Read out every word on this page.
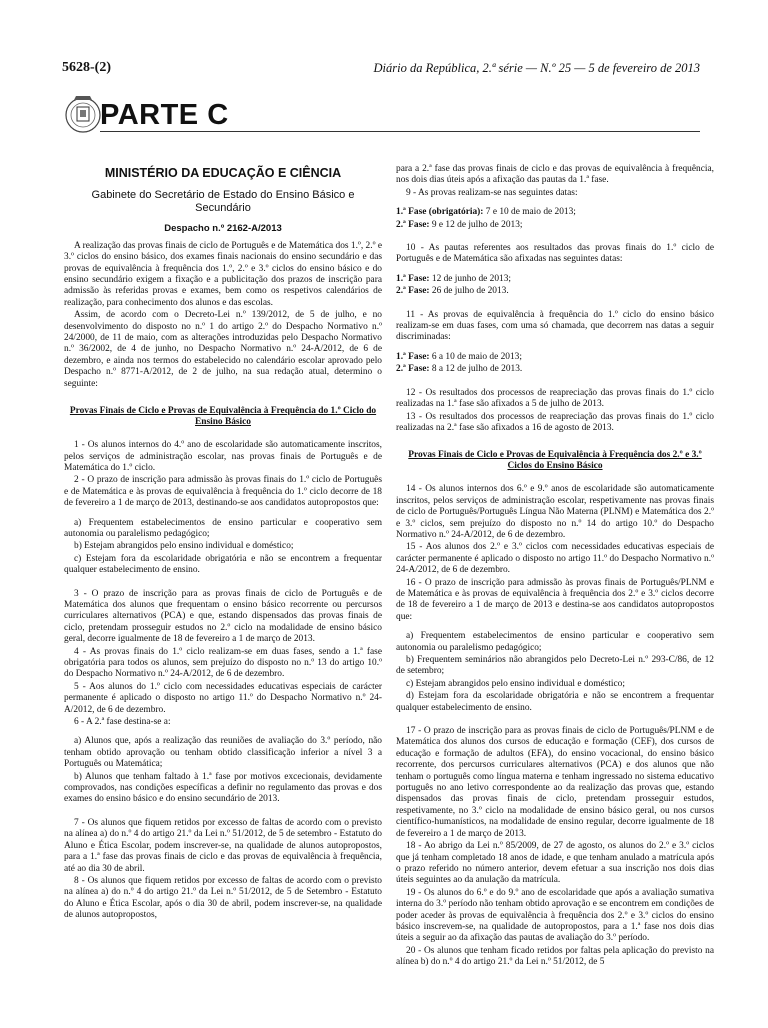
5628-(2)	Diário da República, 2.ª série — N.º 25 — 5 de fevereiro de 2013
PARTE C
MINISTÉRIO DA EDUCAÇÃO E CIÊNCIA
Gabinete do Secretário de Estado do Ensino Básico e Secundário
Despacho n.º 2162-A/2013

A realização das provas finais de ciclo de Português e de Matemática dos 1.º, 2.º e 3.º ciclos do ensino básico, dos exames finais nacionais do ensino secundário e das provas de equivalência à frequência dos 1.º, 2.º e 3.º ciclos do ensino básico e do ensino secundário exigem a fixação e a publicitação dos prazos de inscrição para admissão às referidas provas e exames, bem como os respetivos calendários de realização, para conhecimento dos alunos e das escolas.

Assim, de acordo com o Decreto-Lei n.º 139/2012, de 5 de julho, e no desenvolvimento do disposto no n.º 1 do artigo 2.º do Despacho Normativo n.º 24/2000, de 11 de maio, com as alterações introduzidas pelo Despacho Normativo n.º 36/2002, de 4 de junho, no Despacho Normativo n.º 24-A/2012, de 6 de dezembro, e ainda nos termos do estabelecido no calendário escolar aprovado pelo Despacho n.º 8771-A/2012, de 2 de julho, na sua redação atual, determino o seguinte:

Provas Finais de Ciclo e Provas de Equivalência à Frequência do 1.º Ciclo do Ensino Básico

1 - Os alunos internos do 4.º ano de escolaridade são automaticamente inscritos, pelos serviços de administração escolar, nas provas finais de Português e de Matemática do 1.º ciclo.

2 - O prazo de inscrição para admissão às provas finais do 1.º ciclo de Português e de Matemática e às provas de equivalência à frequência do 1.º ciclo decorre de 18 de fevereiro a 1 de março de 2013, destinando-se aos candidatos autopropostos que:

a) Frequentem estabelecimentos de ensino particular e cooperativo sem autonomia ou paralelismo pedagógico;

b) Estejam abrangidos pelo ensino individual e doméstico;

c) Estejam fora da escolaridade obrigatória e não se encontrem a frequentar qualquer estabelecimento de ensino.

3 - O prazo de inscrição para as provas finais de ciclo de Português e de Matemática dos alunos que frequentam o ensino básico recorrente ou percursos curriculares alternativos (PCA) e que, estando dispensados das provas finais de ciclo, pretendam prosseguir estudos no 2.º ciclo na modalidade de ensino básico geral, decorre igualmente de 18 de fevereiro a 1 de março de 2013.

4 - As provas finais do 1.º ciclo realizam-se em duas fases, sendo a 1.ª fase obrigatória para todos os alunos, sem prejuízo do disposto no n.º 13 do artigo 10.º do Despacho Normativo n.º 24-A/2012, de 6 de dezembro.

5 - Aos alunos do 1.º ciclo com necessidades educativas especiais de carácter permanente é aplicado o disposto no artigo 11.º do Despacho Normativo n.º 24-A/2012, de 6 de dezembro.

6 - A 2.ª fase destina-se a:

a) Alunos que, após a realização das reuniões de avaliação do 3.º período, não tenham obtido aprovação ou tenham obtido classificação inferior a nível 3 a Português ou Matemática;

b) Alunos que tenham faltado à 1.ª fase por motivos excecionais, devidamente comprovados, nas condições específicas a definir no regulamento das provas e dos exames do ensino básico e do ensino secundário de 2013.

7 - Os alunos que fiquem retidos por excesso de faltas de acordo com o previsto na alínea a) do n.º 4 do artigo 21.º da Lei n.º 51/2012, de 5 de setembro - Estatuto do Aluno e Ética Escolar, podem inscrever-se, na qualidade de alunos autopropostos, para a 1.ª fase das provas finais de ciclo e das provas de equivalência à frequência, até ao dia 30 de abril.

8 - Os alunos que fiquem retidos por excesso de faltas de acordo com o previsto na alínea a) do n.º 4 do artigo 21.º da Lei n.º 51/2012, de 5 de Setembro - Estatuto do Aluno e Ética Escolar, após o dia 30 de abril, podem inscrever-se, na qualidade de alunos autopropostos,

para a 2.ª fase das provas finais de ciclo e das provas de equivalência à frequência, nos dois dias úteis após a afixação das pautas da 1.ª fase.

9 - As provas realizam-se nas seguintes datas:

1.ª Fase (obrigatória): 7 e 10 de maio de 2013;

2.ª Fase: 9 e 12 de julho de 2013;

10 - As pautas referentes aos resultados das provas finais do 1.º ciclo de Português e de Matemática são afixadas nas seguintes datas:

1.ª Fase: 12 de junho de 2013;

2.ª Fase: 26 de julho de 2013.

11 - As provas de equivalência à frequência do 1.º ciclo do ensino básico realizam-se em duas fases, com uma só chamada, que decorrem nas datas a seguir discriminadas:

1.ª Fase: 6 a 10 de maio de 2013;

2.ª Fase: 8 a 12 de julho de 2013.

12 - Os resultados dos processos de reapreciação das provas finais do 1.º ciclo realizadas na 1.ª fase são afixados a 5 de julho de 2013.

13 - Os resultados dos processos de reapreciação das provas finais do 1.º ciclo realizadas na 2.ª fase são afixados a 16 de agosto de 2013.

Provas Finais de Ciclo e Provas de Equivalência à Frequência dos 2.º e 3.º Ciclos do Ensino Básico

14 - Os alunos internos dos 6.º e 9.º anos de escolaridade são automaticamente inscritos, pelos serviços de administração escolar, respetivamente nas provas finais de ciclo de Português/Português Língua Não Materna (PLNM) e Matemática dos 2.º e 3.º ciclos, sem prejuízo do disposto no n.º 14 do artigo 10.º do Despacho Normativo n.º 24-A/2012, de 6 de dezembro.

15 - Aos alunos dos 2.º e 3.º ciclos com necessidades educativas especiais de carácter permanente é aplicado o disposto no artigo 11.º do Despacho Normativo n.º 24-A/2012, de 6 de dezembro.

16 - O prazo de inscrição para admissão às provas finais de Português/PLNM e de Matemática e às provas de equivalência à frequência dos 2.º e 3.º ciclos decorre de 18 de fevereiro a 1 de março de 2013 e destina-se aos candidatos autopropostos que:

a) Frequentem estabelecimentos de ensino particular e cooperativo sem autonomia ou paralelismo pedagógico;

b) Frequentem seminários não abrangidos pelo Decreto-Lei n.º 293-C/86, de 12 de setembro;

c) Estejam abrangidos pelo ensino individual e doméstico;

d) Estejam fora da escolaridade obrigatória e não se encontrem a frequentar qualquer estabelecimento de ensino.

17 - O prazo de inscrição para as provas finais de ciclo de Português/PLNM e de Matemática dos alunos dos cursos de educação e formação (CEF), dos cursos de educação e formação de adultos (EFA), do ensino vocacional, do ensino básico recorrente, dos percursos curriculares alternativos (PCA) e dos alunos que não tenham o português como língua materna e tenham ingressado no sistema educativo português no ano letivo correspondente ao da realização das provas que, estando dispensados das provas finais de ciclo, pretendam prosseguir estudos, respetivamente, no 3.º ciclo na modalidade de ensino básico geral, ou nos cursos científico-humanísticos, na modalidade de ensino regular, decorre igualmente de 18 de fevereiro a 1 de março de 2013.

18 - Ao abrigo da Lei n.º 85/2009, de 27 de agosto, os alunos do 2.º e 3.º ciclos que já tenham completado 18 anos de idade, e que tenham anulado a matrícula após o prazo referido no número anterior, devem efetuar a sua inscrição nos dois dias úteis seguintes ao da anulação da matrícula.

19 - Os alunos do 6.º e do 9.º ano de escolaridade que após a avaliação sumativa interna do 3.º período não tenham obtido aprovação e se encontrem em condições de poder aceder às provas de equivalência à frequência dos 2.º e 3.º ciclos do ensino básico inscrevem-se, na qualidade de autopropostos, para a 1.ª fase nos dois dias úteis a seguir ao da afixação das pautas de avaliação do 3.º período.

20 - Os alunos que tenham ficado retidos por faltas pela aplicação do previsto na alínea b) do n.º 4 do artigo 21.º da Lei n.º 51/2012, de 5
